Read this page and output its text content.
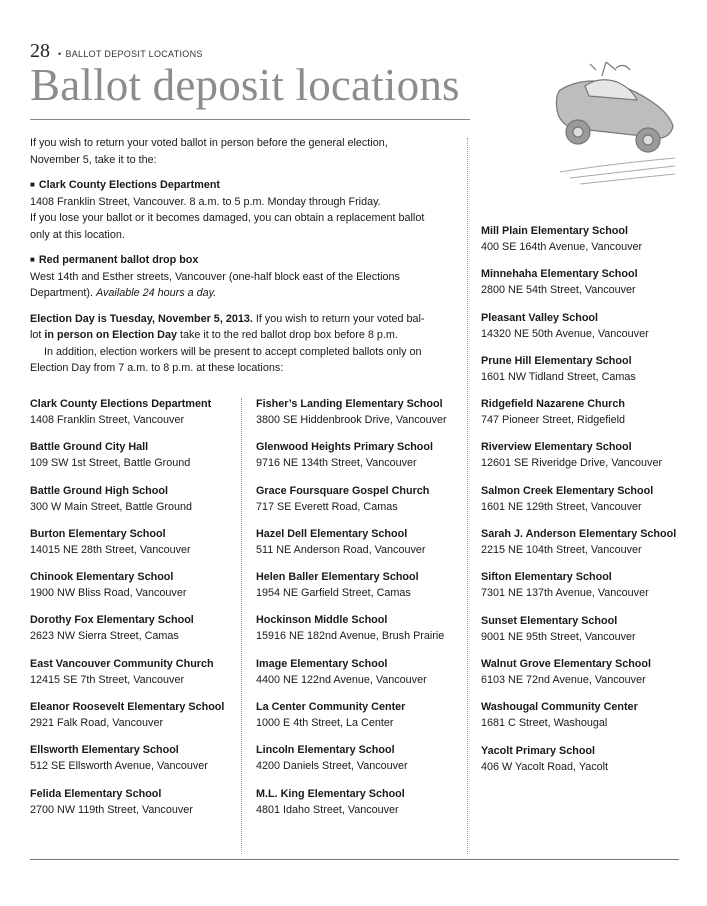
28 • BALLOT DEPOSIT LOCATIONS
Ballot deposit locations

If you wish to return your voted ballot in person before the general election, November 5, take it to the:

■ Clark County Elections Department

1408 Franklin Street, Vancouver. 8 a.m. to 5 p.m. Monday through Friday.

If you lose your ballot or it becomes damaged, you can obtain a replacement ballot only at this location.

■ Red permanent ballot drop box

West 14th and Esther streets, Vancouver (one-half block east of the Elections Department). Available 24 hours a day.

Election Day is Tuesday, November 5, 2013. If you wish to return your voted bal-lot in person on Election Day take it to the red ballot drop box before 8 p.m.

In addition, election workers will be present to accept completed ballots only on Election Day from 7 a.m. to 8 p.m. at these locations:

Clark County Elections Department
1408 Franklin Street, Vancouver
Battle Ground City Hall
109 SW 1st Street, Battle Ground
Battle Ground High School
300 W Main Street, Battle Ground
Burton Elementary School
14015 NE 28th Street, Vancouver
Chinook Elementary School
1900 NW Bliss Road, Vancouver
Dorothy Fox Elementary School
2623 NW Sierra Street, Camas
East Vancouver Community Church
12415 SE 7th Street, Vancouver
Eleanor Roosevelt Elementary School
2921 Falk Road, Vancouver
Ellsworth Elementary School
512 SE Ellsworth Avenue, Vancouver
Felida Elementary School
2700 NW 119th Street, Vancouver
Fisher’s Landing Elementary School
3800 SE Hiddenbrook Drive, Vancouver
Glenwood Heights Primary School
9716 NE 134th Street, Vancouver
Grace Foursquare Gospel Church
717 SE Everett Road, Camas
Hazel Dell Elementary School
511 NE Anderson Road, Vancouver
Helen Baller Elementary School
1954 NE Garfield Street, Camas
Hockinson Middle School
15916 NE 182nd Avenue, Brush Prairie
Image Elementary School
4400 NE 122nd Avenue, Vancouver
La Center Community Center
1000 E 4th Street, La Center
Lincoln Elementary School
4200 Daniels Street, Vancouver
M.L. King Elementary School
4801 Idaho Street, Vancouver
Mill Plain Elementary School
400 SE 164th Avenue, Vancouver
Minnehaha Elementary School
2800 NE 54th Street, Vancouver
Pleasant Valley School
14320 NE 50th Avenue, Vancouver
Prune Hill Elementary School
1601 NW Tidland Street, Camas
Ridgefield Nazarene Church
747 Pioneer Street, Ridgefield
Riverview Elementary School
12601 SE Riveridge Drive, Vancouver
Salmon Creek Elementary School
1601 NE 129th Street, Vancouver
Sarah J. Anderson Elementary School
2215 NE 104th Street, Vancouver
Sifton Elementary School
7301 NE 137th Avenue, Vancouver
Sunset Elementary School
9001 NE 95th Street, Vancouver
Walnut Grove Elementary School
6103 NE 72nd Avenue, Vancouver
Washougal Community Center
1681 C Street, Washougal
Yacolt Primary School
406 W Yacolt Road, Yacolt
